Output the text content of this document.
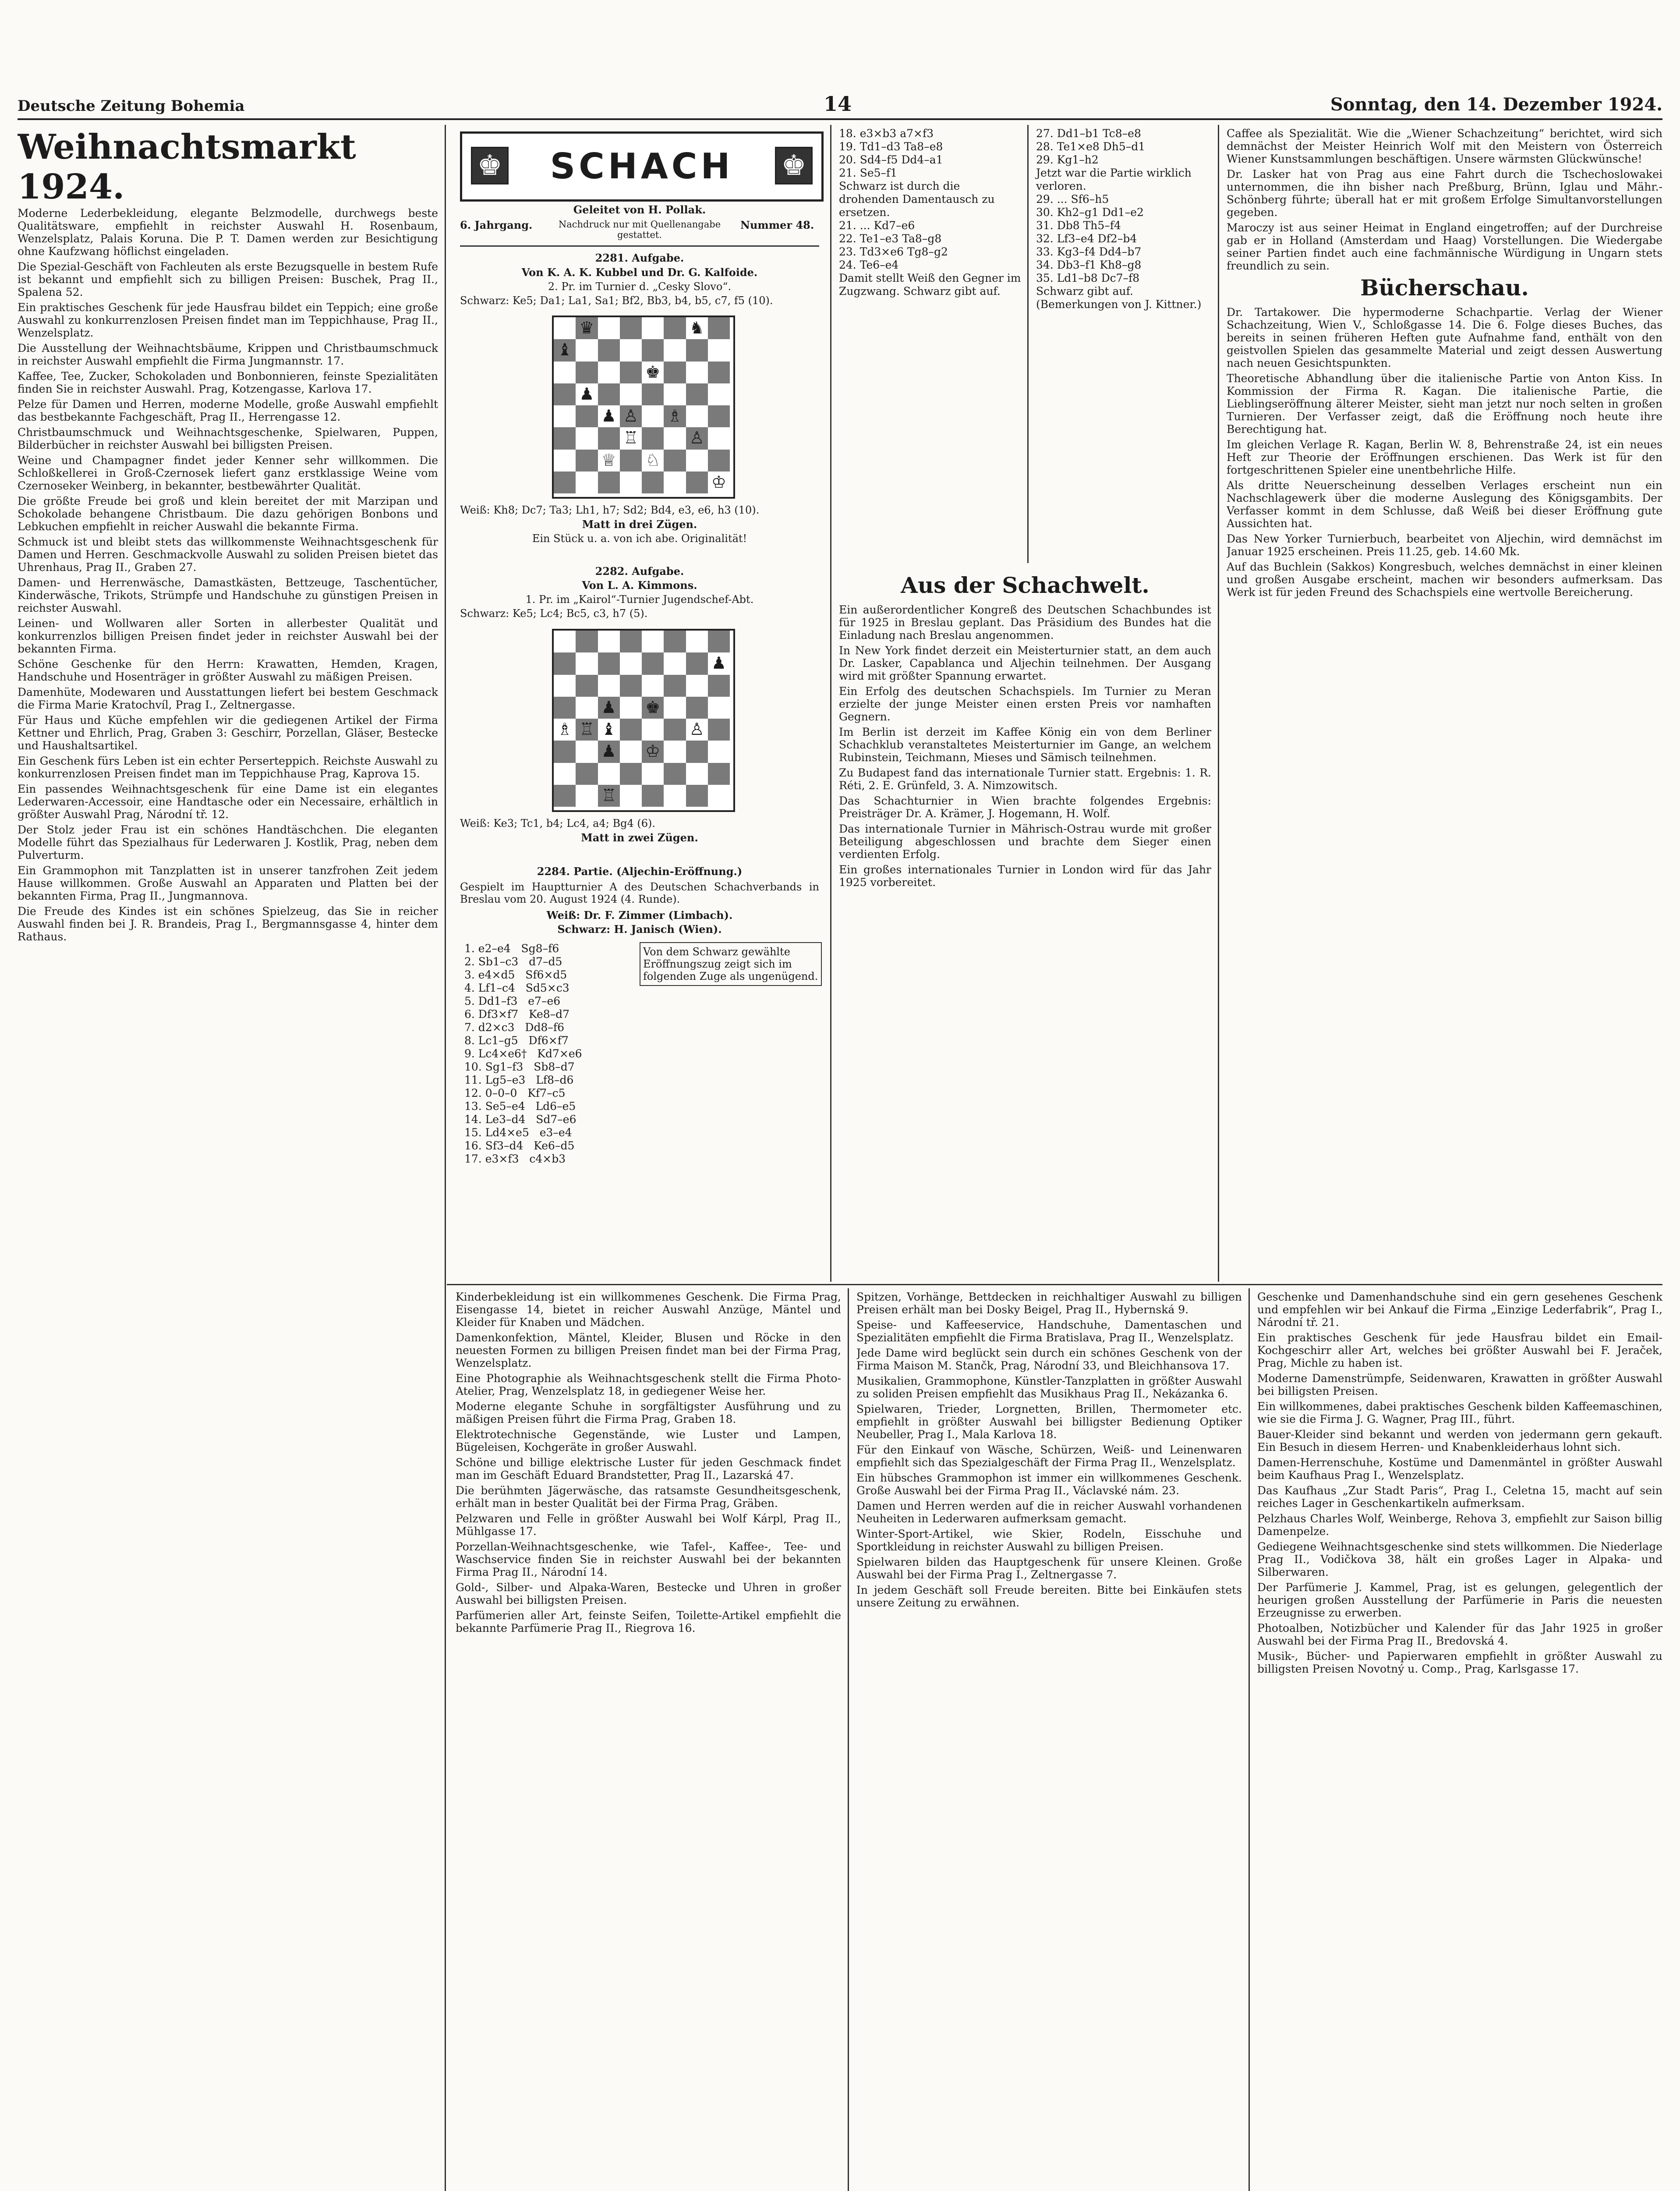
Deutsche Zeitung Bohemia	14	Sonntag, den 14. Dezember 1924.
Weihnachtsmarkt 1924.

Moderne Lederbekleidung, elegante Belzmodelle, durchwegs beste Qualitätsware, empfiehlt in reichster Auswahl H. Rosenbaum, Wenzelsplatz, Palais Koruna. Die P. T. Damen werden zur Besichtigung ohne Kaufzwang höflichst eingeladen.

Die Spezial-Geschäft von Fachleuten als erste Bezugsquelle in bestem Rufe ist bekannt und empfiehlt sich zu billigen Preisen: Buschek, Prag II., Spalena 52.

Ein praktisches Geschenk für jede Hausfrau bildet ein Teppich; eine große Auswahl zu konkurrenzlosen Preisen findet man im Teppichhause, Prag II., Wenzelsplatz.

Die Ausstellung der Weihnachtsbäume, Krippen und Christbaumschmuck in reichster Auswahl empfiehlt die Firma Jungmannstr. 17.

Kaffee, Tee, Zucker, Schokoladen und Bonbonnieren, feinste Spezialitäten finden Sie in reichster Auswahl. Prag, Kotzengasse, Karlova 17.

Pelze für Damen und Herren, moderne Modelle, große Auswahl empfiehlt das bestbekannte Fachgeschäft, Prag II., Herrengasse 12.

Christbaumschmuck und Weihnachtsgeschenke, Spielwaren, Puppen, Bilderbücher in reichster Auswahl bei billigsten Preisen.

Weine und Champagner findet jeder Kenner sehr willkommen. Die Schloßkellerei in Groß-Czernosek liefert ganz erstklassige Weine vom Czernoseker Weinberg, in bekannter, bestbewährter Qualität.

Die größte Freude bei groß und klein bereitet der mit Marzipan und Schokolade behangene Christbaum. Die dazu gehörigen Bonbons und Lebkuchen empfiehlt in reicher Auswahl die bekannte Firma.

Schmuck ist und bleibt stets das willkommenste Weihnachtsgeschenk für Damen und Herren. Geschmackvolle Auswahl zu soliden Preisen bietet das Uhrenhaus, Prag II., Graben 27.

Damen- und Herrenwäsche, Damastkästen, Bettzeuge, Taschentücher, Kinderwäsche, Trikots, Strümpfe und Handschuhe zu günstigen Preisen in reichster Auswahl.

Leinen- und Wollwaren aller Sorten in allerbester Qualität und konkurrenzlos billigen Preisen findet jeder in reichster Auswahl bei der bekannten Firma.

Schöne Geschenke für den Herrn: Krawatten, Hemden, Kragen, Handschuhe und Hosenträger in größter Auswahl zu mäßigen Preisen.

Damenhüte, Modewaren und Ausstattungen liefert bei bestem Geschmack die Firma Marie Kratochvíl, Prag I., Zeltnergasse.

Für Haus und Küche empfehlen wir die gediegenen Artikel der Firma Kettner und Ehrlich, Prag, Graben 3: Geschirr, Porzellan, Gläser, Bestecke und Haushaltsartikel.

Ein Geschenk fürs Leben ist ein echter Perserteppich. Reichste Auswahl zu konkurrenzlosen Preisen findet man im Teppichhause Prag, Kaprova 15.

Ein passendes Weihnachtsgeschenk für eine Dame ist ein elegantes Lederwaren-Accessoir, eine Handtasche oder ein Necessaire, erhältlich in größter Auswahl Prag, Národní tř. 12.

Der Stolz jeder Frau ist ein schönes Handtäschchen. Die eleganten Modelle führt das Spezialhaus für Lederwaren J. Kostlik, Prag, neben dem Pulverturm.

Ein Grammophon mit Tanzplatten ist in unserer tanzfrohen Zeit jedem Hause willkommen. Große Auswahl an Apparaten und Platten bei der bekannten Firma, Prag II., Jungmannova.

Die Freude des Kindes ist ein schönes Spielzeug, das Sie in reicher Auswahl finden bei J. R. Brandeis, Prag I., Bergmannsgasse 4, hinter dem Rathaus.

♚	SCHACH	♚
Geleitet von H. Pollak.
6. Jahrgang.	Nachdruck nur mit Quellenangabe gestattet.
Nummer 48.
2281. Aufgabe.
Von K. A. K. Kubbel und Dr. G. Kalfoide.
2. Pr. im Turnier d. „Cesky Slovo“.
Schwarz: Ke5; Da1; La1, Sa1; Bf2, Bb3, b4, b5, c7, f5 (10).
♚
♛
♝
♞
♟
♟
♔
♕
♖
♗
♘
♙
♙
Weiß: Kh8; Dc7; Ta3; Lh1, h7; Sd2; Bd4, e3, e6, h3 (10).
Matt in drei Zügen.
Ein Stück u. a. von ich abe. Originalität!
2282. Aufgabe.
Von L. A. Kimmons.
1. Pr. im „Kairol“-Turnier Jugendschef-Abt.
Schwarz: Ke5; Lc4; Bc5, c3, h7 (5).
♚
♝
♟
♟
♟
♔
♖
♖
♗	♙
Weiß: Ke3; Tc1, b4; Lc4, a4; Bg4 (6).
Matt in zwei Zügen.
2284. Partie. (Aljechin-Eröffnung.)
Gespielt im Hauptturnier A des Deutschen Schachverbands in Breslau vom 20. August 1924 (4. Runde).
Weiß: Dr. F. Zimmer (Limbach).
Schwarz: H. Janisch (Wien).
1. e2–e4   Sg8–f6
2. Sb1–c3   d7–d5
3. e4×d5   Sf6×d5
4. Lf1–c4   Sd5×c3
5. Dd1–f3   e7–e6
6. Df3×f7   Ke8–d7
7. d2×c3   Dd8–f6
8. Lc1–g5   Df6×f7
9. Lc4×e6†   Kd7×e6
10. Sg1–f3   Sb8–d7
11. Lg5–e3   Lf8–d6
12. 0–0–0   Kf7–c5
13. Se5–e4   Ld6–e5
14. Le3–d4   Sd7–e6
15. Ld4×e5   e3–e4
16. Sf3–d4   Ke6–d5
17. e3×f3   c4×b3
Von dem Schwarz gewählte Eröffnungszug zeigt sich im folgenden Zuge als ungenügend.
18. e3×b3 a7×f3
19. Td1–d3 Ta8–e8
20. Sd4–f5 Dd4–a1
21. Se5–f1
Schwarz ist durch die drohenden Damentausch zu ersetzen.
21. ... Kd7–e6
22. Te1–e3 Ta8–g8
23. Td3×e6 Tg8–g2
24. Te6–e4
Damit stellt Weiß den Gegner im Zugzwang. Schwarz gibt auf.
27. Dd1–b1 Tc8–e8
28. Te1×e8 Dh5–d1
29. Kg1–h2
Jetzt war die Partie wirklich verloren.
29. ... Sf6–h5
30. Kh2–g1 Dd1–e2
31. Db8 Th5–f4
32. Lf3–e4 Df2–b4
33. Kg3–f4 Dd4–b7
34. Db3–f1 Kh8–g8
35. Ld1–b8 Dc7–f8
Schwarz gibt auf.
(Bemerkungen von J. Kittner.)
Aus der Schachwelt.

Ein außerordentlicher Kongreß des Deutschen Schachbundes ist für 1925 in Breslau geplant. Das Präsidium des Bundes hat die Einladung nach Breslau angenommen.

In New York findet derzeit ein Meisterturnier statt, an dem auch Dr. Lasker, Capablanca und Aljechin teilnehmen. Der Ausgang wird mit größter Spannung erwartet.

Ein Erfolg des deutschen Schachspiels. Im Turnier zu Meran erzielte der junge Meister einen ersten Preis vor namhaften Gegnern.

Im Berlin ist derzeit im Kaffee König ein von dem Berliner Schachklub veranstaltetes Meisterturnier im Gange, an welchem Rubinstein, Teichmann, Mieses und Sämisch teilnehmen.

Zu Budapest fand das internationale Turnier statt. Ergebnis: 1. R. Réti, 2. E. Grünfeld, 3. A. Nimzowitsch.

Das Schachturnier in Wien brachte folgendes Ergebnis: Preisträger Dr. A. Krämer, J. Hogemann, H. Wolf.

Das internationale Turnier in Mährisch-Ostrau wurde mit großer Beteiligung abgeschlossen und brachte dem Sieger einen verdienten Erfolg.

Ein großes internationales Turnier in London wird für das Jahr 1925 vorbereitet.

Caffee als Spezialität. Wie die „Wiener Schachzeitung“ berichtet, wird sich demnächst der Meister Heinrich Wolf mit den Meistern von Österreich Wiener Kunstsammlungen beschäftigen. Unsere wärmsten Glückwünsche!

Dr. Lasker hat von Prag aus eine Fahrt durch die Tschechoslowakei unternommen, die ihn bisher nach Preßburg, Brünn, Iglau und Mähr.-Schönberg führte; überall hat er mit großem Erfolge Simultanvorstellungen gegeben.

Maroczy ist aus seiner Heimat in England eingetroffen; auf der Durchreise gab er in Holland (Amsterdam und Haag) Vorstellungen. Die Wiedergabe seiner Partien findet auch eine fachmännische Würdigung in Ungarn stets freundlich zu sein.

Bücherschau.

Dr. Tartakower. Die hypermoderne Schachpartie. Verlag der Wiener Schachzeitung, Wien V., Schloßgasse 14. Die 6. Folge dieses Buches, das bereits in seinen früheren Heften gute Aufnahme fand, enthält von den geistvollen Spielen das gesammelte Material und zeigt dessen Auswertung nach neuen Gesichtspunkten.

Theoretische Abhandlung über die italienische Partie von Anton Kiss. In Kommission der Firma R. Kagan. Die italienische Partie, die Lieblingseröffnung älterer Meister, sieht man jetzt nur noch selten in großen Turnieren. Der Verfasser zeigt, daß die Eröffnung noch heute ihre Berechtigung hat.

Im gleichen Verlage R. Kagan, Berlin W. 8, Behrenstraße 24, ist ein neues Heft zur Theorie der Eröffnungen erschienen. Das Werk ist für den fortgeschrittenen Spieler eine unentbehrliche Hilfe.

Als dritte Neuerscheinung desselben Verlages erscheint nun ein Nachschlagewerk über die moderne Auslegung des Königsgambits. Der Verfasser kommt in dem Schlusse, daß Weiß bei dieser Eröffnung gute Aussichten hat.

Das New Yorker Turnierbuch, bearbeitet von Aljechin, wird demnächst im Januar 1925 erscheinen. Preis 11.25, geb. 14.60 Mk.

Auf das Buchlein (Sakkos) Kongresbuch, welches demnächst in einer kleinen und großen Ausgabe erscheint, machen wir besonders aufmerksam. Das Werk ist für jeden Freund des Schachspiels eine wertvolle Bereicherung.

Kinderbekleidung ist ein willkommenes Geschenk. Die Firma Prag, Eisengasse 14, bietet in reicher Auswahl Anzüge, Mäntel und Kleider für Knaben und Mädchen.

Damenkonfektion, Mäntel, Kleider, Blusen und Röcke in den neuesten Formen zu billigen Preisen findet man bei der Firma Prag, Wenzelsplatz.

Eine Photographie als Weihnachtsgeschenk stellt die Firma Photo-Atelier, Prag, Wenzelsplatz 18, in gediegener Weise her.

Moderne elegante Schuhe in sorgfältigster Ausführung und zu mäßigen Preisen führt die Firma Prag, Graben 18.

Elektrotechnische Gegenstände, wie Luster und Lampen, Bügeleisen, Kochgeräte in großer Auswahl.

Schöne und billige elektrische Luster für jeden Geschmack findet man im Geschäft Eduard Brandstetter, Prag II., Lazarská 47.

Die berühmten Jägerwäsche, das ratsamste Gesundheitsgeschenk, erhält man in bester Qualität bei der Firma Prag, Gräben.

Pelzwaren und Felle in größter Auswahl bei Wolf Kárpl, Prag II., Mühlgasse 17.

Porzellan-Weihnachtsgeschenke, wie Tafel-, Kaffee-, Tee- und Waschservice finden Sie in reichster Auswahl bei der bekannten Firma Prag II., Národní 14.

Gold-, Silber- und Alpaka-Waren, Bestecke und Uhren in großer Auswahl bei billigsten Preisen.

Parfümerien aller Art, feinste Seifen, Toilette-Artikel empfiehlt die bekannte Parfümerie Prag II., Riegrova 16.

Spitzen, Vorhänge, Bettdecken in reichhaltiger Auswahl zu billigen Preisen erhält man bei Dosky Beigel, Prag II., Hybernská 9.

Speise- und Kaffeeservice, Handschuhe, Damentaschen und Spezialitäten empfiehlt die Firma Bratislava, Prag II., Wenzelsplatz.

Jede Dame wird beglückt sein durch ein schönes Geschenk von der Firma Maison M. Stančk, Prag, Národní 33, und Bleichhansova 17.

Musikalien, Grammophone, Künstler-Tanzplatten in größter Auswahl zu soliden Preisen empfiehlt das Musikhaus Prag II., Nekázanka 6.

Spielwaren, Trieder, Lorgnetten, Brillen, Thermometer etc. empfiehlt in größter Auswahl bei billigster Bedienung Optiker Neubeller, Prag I., Mala Karlova 18.

Für den Einkauf von Wäsche, Schürzen, Weiß- und Leinenwaren empfiehlt sich das Spezialgeschäft der Firma Prag II., Wenzelsplatz.

Ein hübsches Grammophon ist immer ein willkommenes Geschenk. Große Auswahl bei der Firma Prag II., Václavské nám. 23.

Damen und Herren werden auf die in reicher Auswahl vorhandenen Neuheiten in Lederwaren aufmerksam gemacht.

Winter-Sport-Artikel, wie Skier, Rodeln, Eisschuhe und Sportkleidung in reichster Auswahl zu billigen Preisen.

Spielwaren bilden das Hauptgeschenk für unsere Kleinen. Große Auswahl bei der Firma Prag I., Zeltnergasse 7.

In jedem Geschäft soll Freude bereiten. Bitte bei Einkäufen stets unsere Zeitung zu erwähnen.

Geschenke und Damenhandschuhe sind ein gern gesehenes Geschenk und empfehlen wir bei Ankauf die Firma „Einzige Lederfabrik“, Prag I., Národní tř. 21.

Ein praktisches Geschenk für jede Hausfrau bildet ein Email-Kochgeschirr aller Art, welches bei größter Auswahl bei F. Jeraček, Prag, Michle zu haben ist.

Moderne Damenstrümpfe, Seidenwaren, Krawatten in größter Auswahl bei billigsten Preisen.

Ein willkommenes, dabei praktisches Geschenk bilden Kaffeemaschinen, wie sie die Firma J. G. Wagner, Prag III., führt.

Bauer-Kleider sind bekannt und werden von jedermann gern gekauft. Ein Besuch in diesem Herren- und Knabenkleiderhaus lohnt sich.

Damen-Herrenschuhe, Kostüme und Damenmäntel in größter Auswahl beim Kaufhaus Prag I., Wenzelsplatz.

Das Kaufhaus „Zur Stadt Paris“, Prag I., Celetna 15, macht auf sein reiches Lager in Geschenkartikeln aufmerksam.

Pelzhaus Charles Wolf, Weinberge, Rehova 3, empfiehlt zur Saison billig Damenpelze.

Gediegene Weihnachtsgeschenke sind stets willkommen. Die Niederlage Prag II., Vodičkova 38, hält ein großes Lager in Alpaka- und Silberwaren.

Der Parfümerie J. Kammel, Prag, ist es gelungen, gelegentlich der heurigen großen Ausstellung der Parfümerie in Paris die neuesten Erzeugnisse zu erwerben.

Photoalben, Notizbücher und Kalender für das Jahr 1925 in großer Auswahl bei der Firma Prag II., Bredovská 4.

Musik-, Bücher- und Papierwaren empfiehlt in größter Auswahl zu billigsten Preisen Novotný u. Comp., Prag, Karlsgasse 17.
